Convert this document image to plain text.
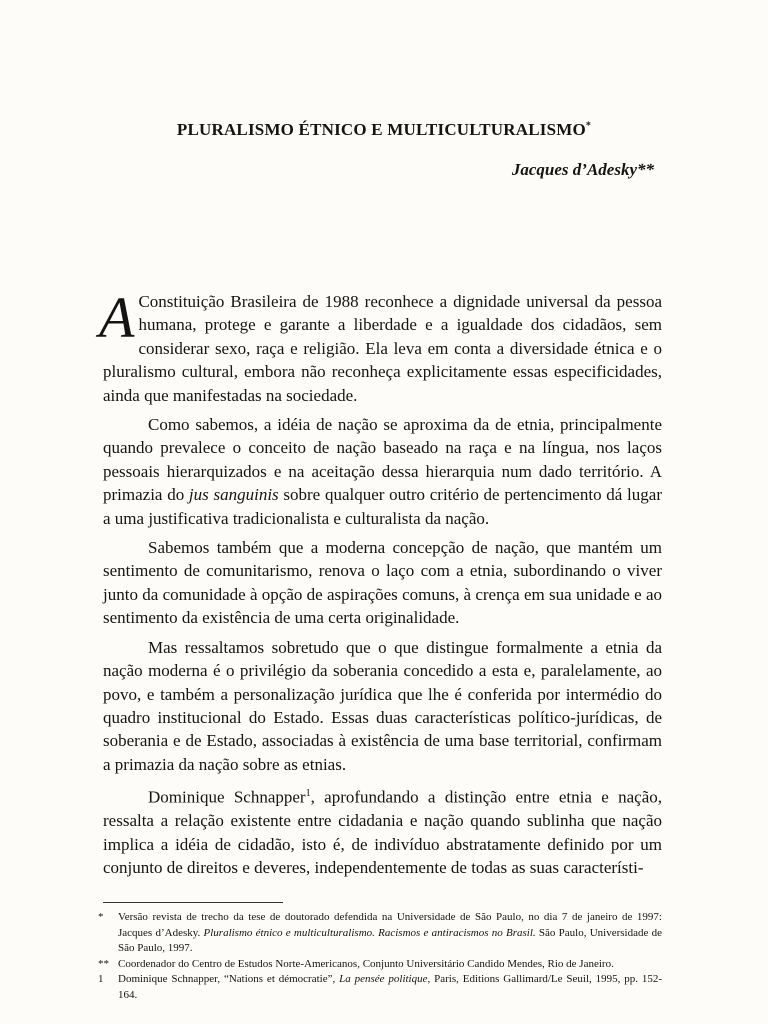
PLURALISMO ÉTNICO E MULTICULTURALISMO*
Jacques d’Adesky**

A Constituição Brasileira de 1988 reconhece a dignidade universal da pessoa humana, protege e garante a liberdade e a igualdade dos cidadãos, sem considerar sexo, raça e religião. Ela leva em conta a diversidade étnica e o pluralismo cultural, embora não reconheça explicitamente essas especificidades, ainda que manifestadas na sociedade.

Como sabemos, a idéia de nação se aproxima da de etnia, principalmente quando prevalece o conceito de nação baseado na raça e na língua, nos laços pessoais hierarquizados e na aceitação dessa hierarquia num dado território. A primazia do jus sanguinis sobre qualquer outro critério de pertencimento dá lugar a uma justificativa tradicionalista e culturalista da nação.

Sabemos também que a moderna concepção de nação, que mantém um sentimento de comunitarismo, renova o laço com a etnia, subordinando o viver junto da comunidade à opção de aspirações comuns, à crença em sua unidade e ao sentimento da existência de uma certa originalidade.

Mas ressaltamos sobretudo que o que distingue formalmente a etnia da nação moderna é o privilégio da soberania concedido a esta e, paralelamente, ao povo, e também a personalização jurídica que lhe é conferida por intermédio do quadro institucional do Estado. Essas duas características político-jurídicas, de soberania e de Estado, associadas à existência de uma base territorial, confirmam a primazia da nação sobre as etnias.

Dominique Schnapper$^1$, aprofundando a distinção entre etnia e nação, ressalta a relação existente entre cidadania e nação quando sublinha que nação implica a idéia de cidadão, isto é, de indivíduo abstratamente definido por um conjunto de direitos e deveres, independentemente de todas as suas característi-

*	Versão revista de trecho da tese de doutorado defendida na Universidade de São Paulo, no dia 7 de janeiro de 1997: Jacques d’Adesky. Pluralismo étnico e multiculturalismo. Racismos e antiracismos no Brasil. São Paulo, Universidade de São Paulo, 1997.
** Coordenador do Centro de Estudos Norte-Americanos, Conjunto Universitário Candido Mendes, Rio de Janeiro.
1	Dominique Schnapper, “Nations et démocratie”, La pensée politique, Paris, Editions Gallimard/Le Seuil, 1995, pp. 152-164.
